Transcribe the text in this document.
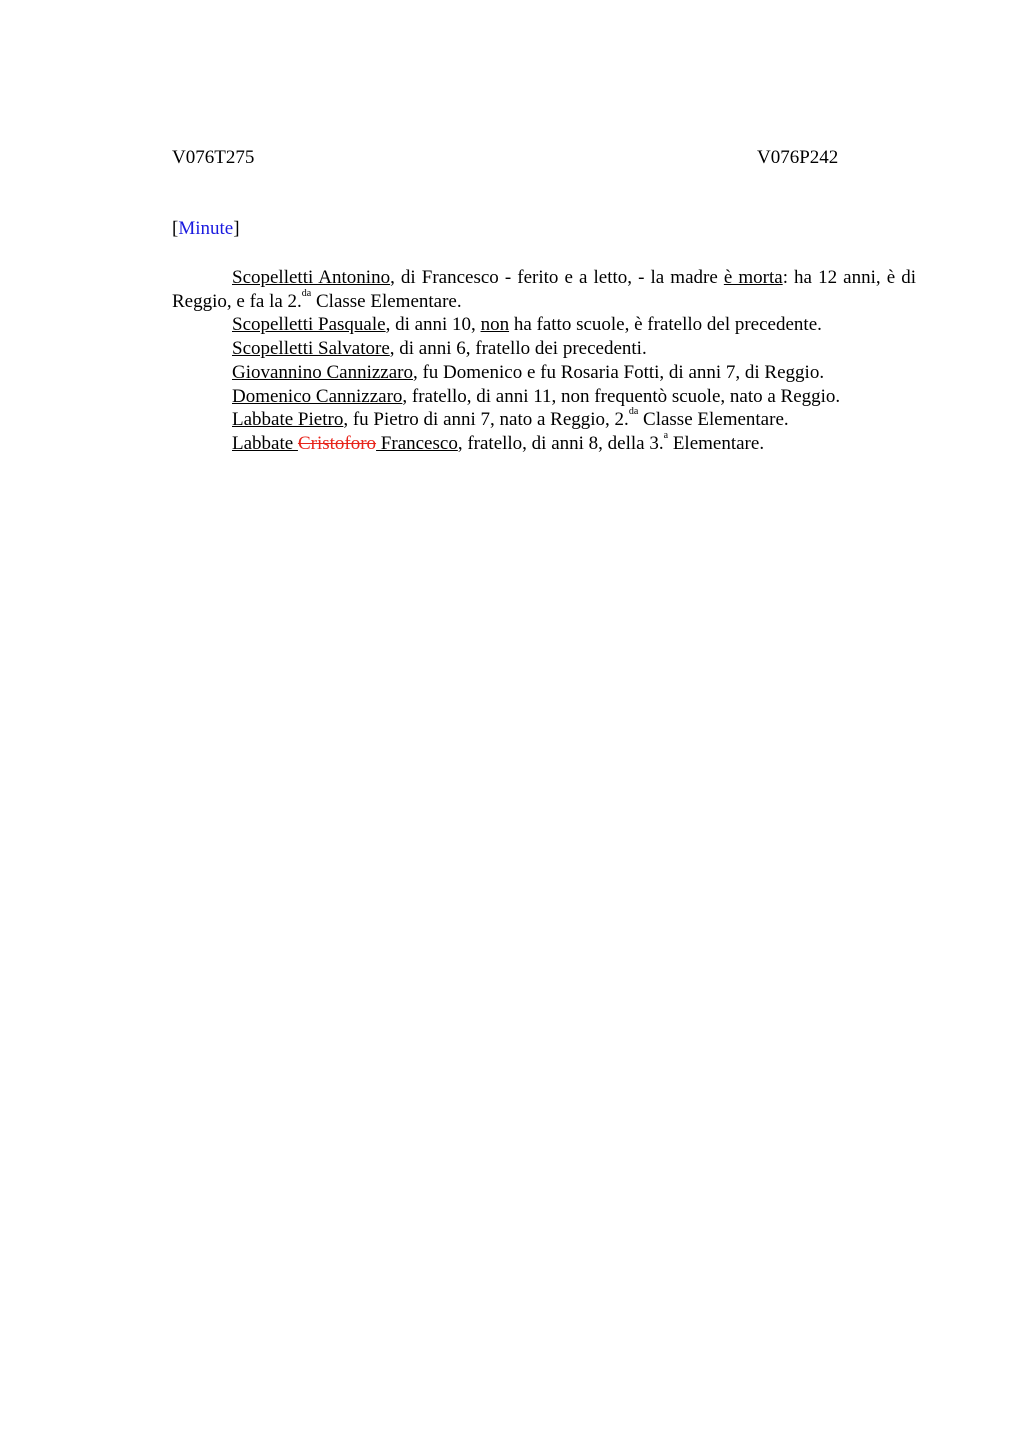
V076T275	V076P242
[Minute]

Scopelletti Antonino, di Francesco - ferito e a letto, - la madre è morta: ha 12 anni, è di Reggio, e fa la 2.$^{da}$ Classe Elementare.

Scopelletti Pasquale, di anni 10, non ha fatto scuole, è fratello del precedente.

Scopelletti Salvatore, di anni 6, fratello dei precedenti.

Giovannino Cannizzaro, fu Domenico e fu Rosaria Fotti, di anni 7, di Reggio.

Domenico Cannizzaro, fratello, di anni 11, non frequentò scuole, nato a Reggio.

Labbate Pietro, fu Pietro di anni 7, nato a Reggio, 2.$^{da}$ Classe Elementare.

Labbate Cristoforo Francesco, fratello, di anni 8, della 3.$^a$ Elementare.
